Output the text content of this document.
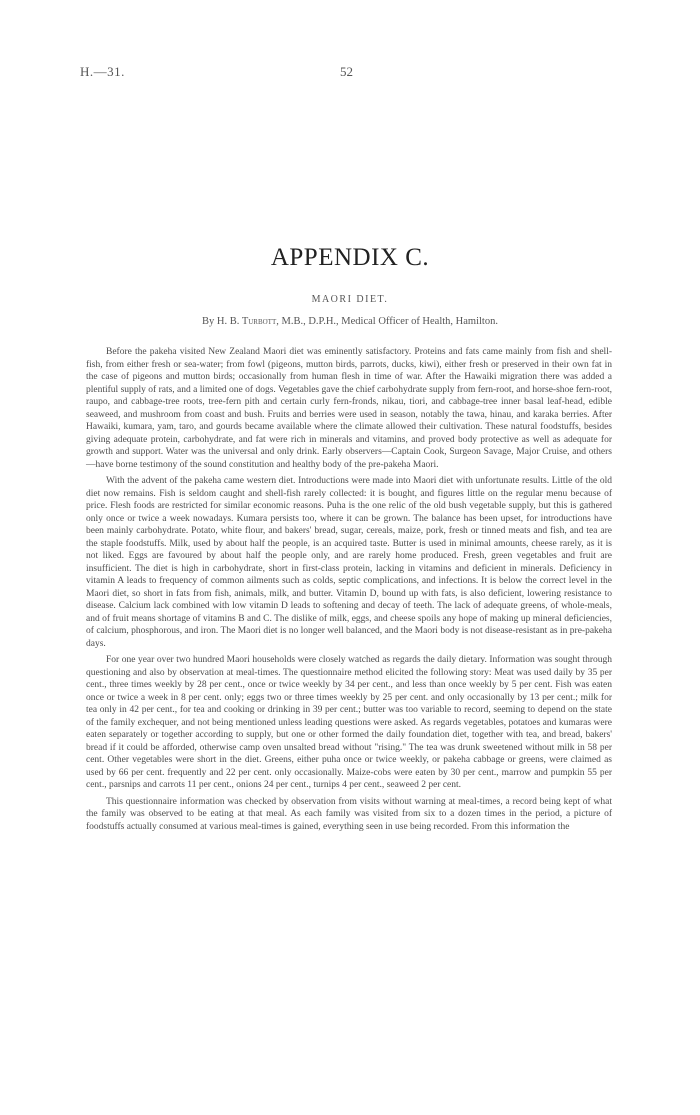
H.—31.	52
APPENDIX C.
MAORI DIET.
By H. B. Turbott, M.B., D.P.H., Medical Officer of Health, Hamilton.

Before the pakeha visited New Zealand Maori diet was eminently satisfactory. Proteins and fats came mainly from fish and shell-fish, from either fresh or sea-water; from fowl (pigeons, mutton birds, parrots, ducks, kiwi), either fresh or preserved in their own fat in the case of pigeons and mutton birds; occasionally from human flesh in time of war. After the Hawaiki migration there was added a plentiful supply of rats, and a limited one of dogs. Vegetables gave the chief carbohydrate supply from fern-root, and horse-shoe fern-root, raupo, and cabbage-tree roots, tree-fern pith and certain curly fern-fronds, nikau, tiori, and cabbage-tree inner basal leaf-head, edible seaweed, and mushroom from coast and bush. Fruits and berries were used in season, notably the tawa, hinau, and karaka berries. After Hawaiki, kumara, yam, taro, and gourds became available where the climate allowed their cultivation. These natural foodstuffs, besides giving adequate protein, carbohydrate, and fat were rich in minerals and vitamins, and proved body protective as well as adequate for growth and support. Water was the universal and only drink. Early observers—Captain Cook, Surgeon Savage, Major Cruise, and others—have borne testimony of the sound constitution and healthy body of the pre-pakeha Maori.

With the advent of the pakeha came western diet. Introductions were made into Maori diet with unfortunate results. Little of the old diet now remains. Fish is seldom caught and shell-fish rarely collected: it is bought, and figures little on the regular menu because of price. Flesh foods are restricted for similar economic reasons. Puha is the one relic of the old bush vegetable supply, but this is gathered only once or twice a week nowadays. Kumara persists too, where it can be grown. The balance has been upset, for introductions have been mainly carbohydrate. Potato, white flour, and bakers' bread, sugar, cereals, maize, pork, fresh or tinned meats and fish, and tea are the staple foodstuffs. Milk, used by about half the people, is an acquired taste. Butter is used in minimal amounts, cheese rarely, as it is not liked. Eggs are favoured by about half the people only, and are rarely home produced. Fresh, green vegetables and fruit are insufficient. The diet is high in carbohydrate, short in first-class protein, lacking in vitamins and deficient in minerals. Deficiency in vitamin A leads to frequency of common ailments such as colds, septic complications, and infections. It is below the correct level in the Maori diet, so short in fats from fish, animals, milk, and butter. Vitamin D, bound up with fats, is also deficient, lowering resistance to disease. Calcium lack combined with low vitamin D leads to softening and decay of teeth. The lack of adequate greens, of whole-meals, and of fruit means shortage of vitamins B and C. The dislike of milk, eggs, and cheese spoils any hope of making up mineral deficiencies, of calcium, phosphorous, and iron. The Maori diet is no longer well balanced, and the Maori body is not disease-resistant as in pre-pakeha days.

For one year over two hundred Maori households were closely watched as regards the daily dietary. Information was sought through questioning and also by observation at meal-times. The questionnaire method elicited the following story: Meat was used daily by 35 per cent., three times weekly by 28 per cent., once or twice weekly by 34 per cent., and less than once weekly by 5 per cent. Fish was eaten once or twice a week in 8 per cent. only; eggs two or three times weekly by 25 per cent. and only occasionally by 13 per cent.; milk for tea only in 42 per cent., for tea and cooking or drinking in 39 per cent.; butter was too variable to record, seeming to depend on the state of the family exchequer, and not being mentioned unless leading questions were asked. As regards vegetables, potatoes and kumaras were eaten separately or together according to supply, but one or other formed the daily foundation diet, together with tea, and bread, bakers' bread if it could be afforded, otherwise camp oven unsalted bread without "rising." The tea was drunk sweetened without milk in 58 per cent. Other vegetables were short in the diet. Greens, either puha once or twice weekly, or pakeha cabbage or greens, were claimed as used by 66 per cent. frequently and 22 per cent. only occasionally. Maize-cobs were eaten by 30 per cent., marrow and pumpkin 55 per cent., parsnips and carrots 11 per cent., onions 24 per cent., turnips 4 per cent., seaweed 2 per cent.

This questionnaire information was checked by observation from visits without warning at meal-times, a record being kept of what the family was observed to be eating at that meal. As each family was visited from six to a dozen times in the period, a picture of foodstuffs actually consumed at various meal-times is gained, everything seen in use being recorded. From this information the
